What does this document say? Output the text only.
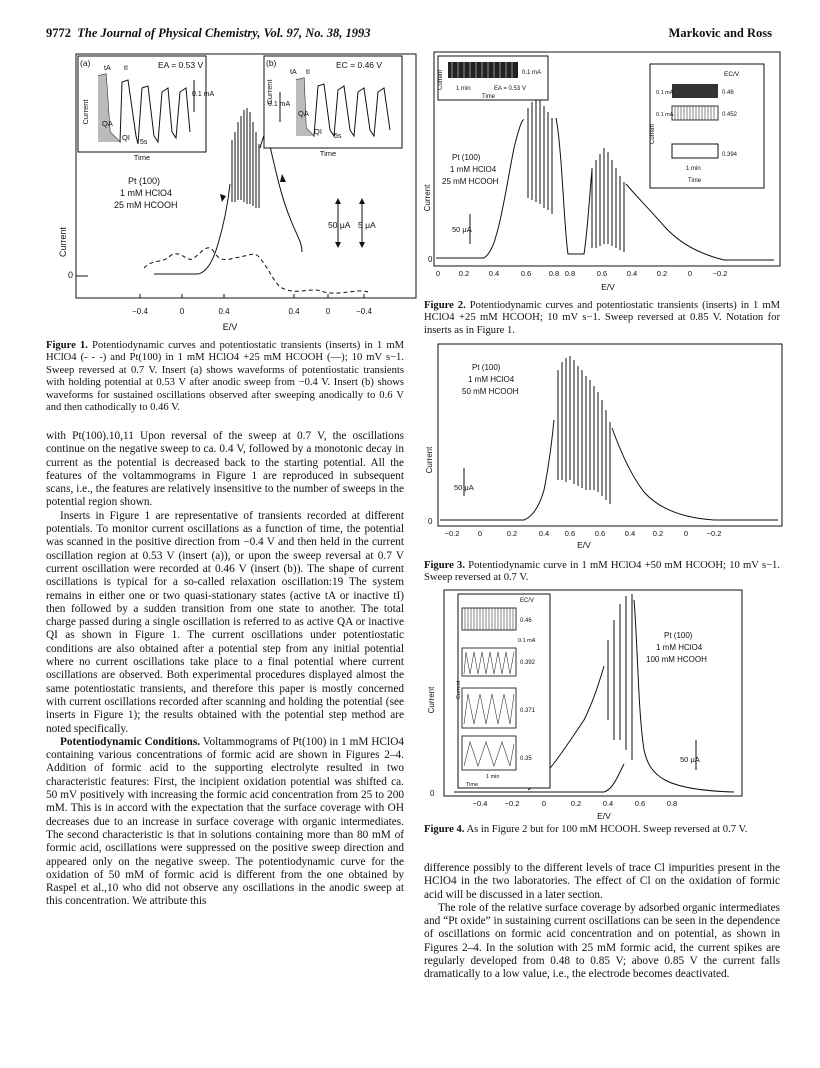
9772 The Journal of Physical Chemistry, Vol. 97, No. 38, 1993	Markovic and Ross
Current
0
−0.4	0	0.4	0.4	0	−0.4
E/V
Pt (100)
1 mM HClO4
25 mM HCOOH
50 μA 5 μA
(a)	EA = 0.53 V
tA tI
QA
QI
5s
0.1 mA
Time
Current
(b)	EC = 0.46 V
tA tI
QA
QI
5s
0.1 mA
Time
Current
Figure 1. Potentiodynamic curves and potentiostatic transients (inserts) in 1 mM HClO4 (- - -) and Pt(100) in 1 mM HClO4 +25 mM HCOOH (—); 10 mV s−1. Sweep reversed at 0.7 V. Insert (a) shows waveforms of potentiostatic transients with holding potential at 0.53 V after anodic sweep from −0.4 V. Insert (b) shows waveforms for sustained oscillations observed after sweeping anodically to 0.6 V and then cathodically to 0.46 V.

with Pt(100).10,11 Upon reversal of the sweep at 0.7 V, the oscillations continue on the negative sweep to ca. 0.4 V, followed by a monotonic decay in current as the potential is decreased back to the starting potential. All the features of the voltammograms in Figure 1 are reproduced in subsequent scans, i.e., the features are relatively insensitive to the number of sweeps in the potential region shown.

Inserts in Figure 1 are representative of transients recorded at different potentials. To monitor current oscillations as a function of time, the potential was scanned in the positive direction from −0.4 V and then held in the current oscillation region at 0.53 V (insert (a)), or upon the sweep reversal at 0.7 V current oscillation were recorded at 0.46 V (insert (b)). The shape of current oscillations is typical for a so-called relaxation oscillation:19 The system remains in either one or two quasi-stationary states (active tA or inactive tI) then followed by a sudden transition from one state to another. The total charge passed during a single oscillation is referred to as active QA or inactive QI as shown in Figure 1. The current oscillations under potentiostatic conditions are also obtained after a potential step from any initial potential where no current oscillations take place to a final potential where current oscillations are observed. Both experimental procedures displayed almost the same potentiostatic transients, and therefore this paper is mostly concerned with current oscillations recorded after scanning and holding the potential (see inserts in Figure 1); the results obtained with the potential step method are noted specifically.

Potentiodynamic Conditions. Voltammograms of Pt(100) in 1 mM HClO4 containing various concentrations of formic acid are shown in Figures 2–4. Addition of formic acid to the supporting electrolyte resulted in two characteristic features: First, the incipient oxidation potential was shifted ca. 50 mV positively with increasing the formic acid concentration from 25 to 200 mM. This is in accord with the expectation that the surface coverage with OH decreases due to an increase in surface coverage with organic intermediates. The second characteristic is that in solutions containing more than 80 mM of formic acid, oscillations were suppressed on the positive sweep direction and appeared only on the negative sweep. The potentiodynamic curve for the oxidation of 50 mM of formic acid is different from the one obtained by Raspel et al.,10 who did not observe any oscillations in the anodic sweep at this concentration. We attribute this

Current
0
0 0.2	0.4	0.6 0.8 0.8	0.6	0.4	0.2	0	−0.2
E/V
Pt (100)
1 mM HClO4
25 mM HCOOH
50 μA
Current	0.1 mA
1 min	EA = 0.53 V
Time
EC/V
0.1 mA
0.1 mA
0.46
0.452
0.394
Current
1 min
Time
Figure 2. Potentiodynamic curves and potentiostatic transients (inserts) in 1 mM HClO4 +25 mM HCOOH; 10 mV s−1. Sweep reversed at 0.85 V. Notation for inserts as in Figure 1.
Current
0
−0.2 0	0.2	0.4 0.6	0.6	0.4 0.2	0 −0.2
E/V
Pt (100)
1 mM HClO4
50 mM HCOOH
50 μA
Figure 3. Potentiodynamic curve in 1 mM HClO4 +50 mM HCOOH; 10 mV s−1. Sweep reversed at 0.7 V.
Current
0
−0.4 −0.2	0	0.2	0.4	0.6	0.8
E/V
Pt (100)
1 mM HClO4
100 mM HCOOH
50 μA
EC/V
0.46
0.1 mA
0.392
0.371
0.35
1 min
Time
Current
Figure 4. As in Figure 2 but for 100 mM HCOOH. Sweep reversed at 0.7 V.

difference possibly to the different levels of trace Cl impurities present in the HClO4 in the two laboratories. The effect of Cl on the oxidation of formic acid will be discussed in a later section.

The role of the relative surface coverage by adsorbed organic intermediates and “Pt oxide” in sustaining current oscillations can be seen in the dependence of oscillations on formic acid concentration and on potential, as shown in Figures 2–4. In the solution with 25 mM formic acid, the current spikes are regularly developed from 0.48 to 0.85 V; above 0.85 V the current falls dramatically to a low value, i.e., the electrode becomes deactivated.
